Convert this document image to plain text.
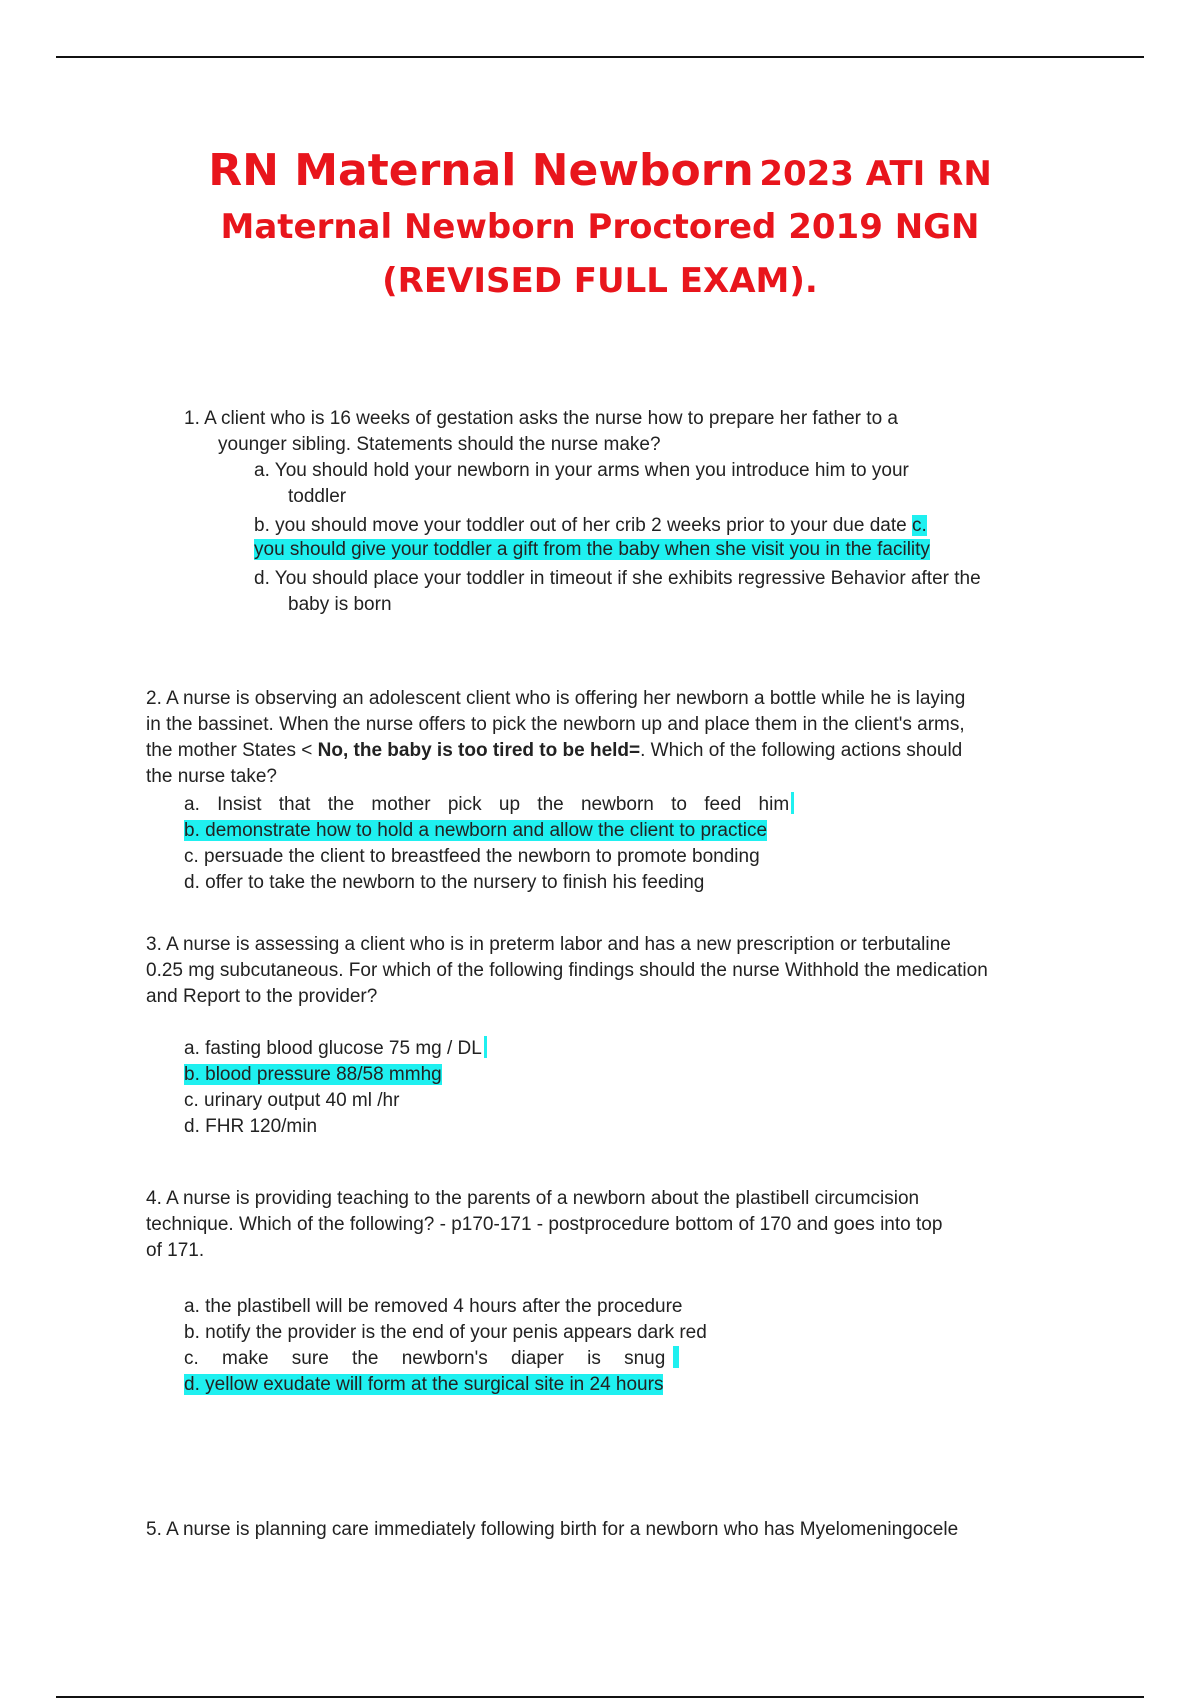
RN Maternal Newborn 2023 ATI RN
Maternal Newborn Proctored 2019 NGN
(REVISED FULL EXAM).

1. A client who is 16 weeks of gestation asks the nurse how to prepare her father to a

younger sibling. Statements should the nurse make?

a. You should hold your newborn in your arms when you introduce him to your

toddler

b. you should move your toddler out of her crib 2 weeks prior to your due date c.

you should give your toddler a gift from the baby when she visit you in the facility

d. You should place your toddler in timeout if she exhibits regressive Behavior after the

baby is born

2. A nurse is observing an adolescent client who is offering her newborn a bottle while he is laying

in the bassinet. When the nurse offers to pick the newborn up and place them in the client's arms,

the mother States < No, the baby is too tired to be held=. Which of the following actions should

the nurse take?

a. Insist that the mother pick up the newborn to feed him

b. demonstrate how to hold a newborn and allow the client to practice

c. persuade the client to breastfeed the newborn to promote bonding

d. offer to take the newborn to the nursery to finish his feeding

3. A nurse is assessing a client who is in preterm labor and has a new prescription or terbutaline

0.25 mg subcutaneous. For which of the following findings should the nurse Withhold the medication

and Report to the provider?

a. fasting blood glucose 75 mg / DL

b. blood pressure 88/58 mmhg

c. urinary output 40 ml /hr

d. FHR 120/min

4. A nurse is providing teaching to the parents of a newborn about the plastibell circumcision

technique. Which of the following? - p170-171 - postprocedure bottom of 170 and goes into top

of 171.

a. the plastibell will be removed 4 hours after the procedure

b. notify the provider is the end of your penis appears dark red

c. make sure the newborn's diaper is snug

d. yellow exudate will form at the surgical site in 24 hours

5. A nurse is planning care immediately following birth for a newborn who has Myelomeningocele
